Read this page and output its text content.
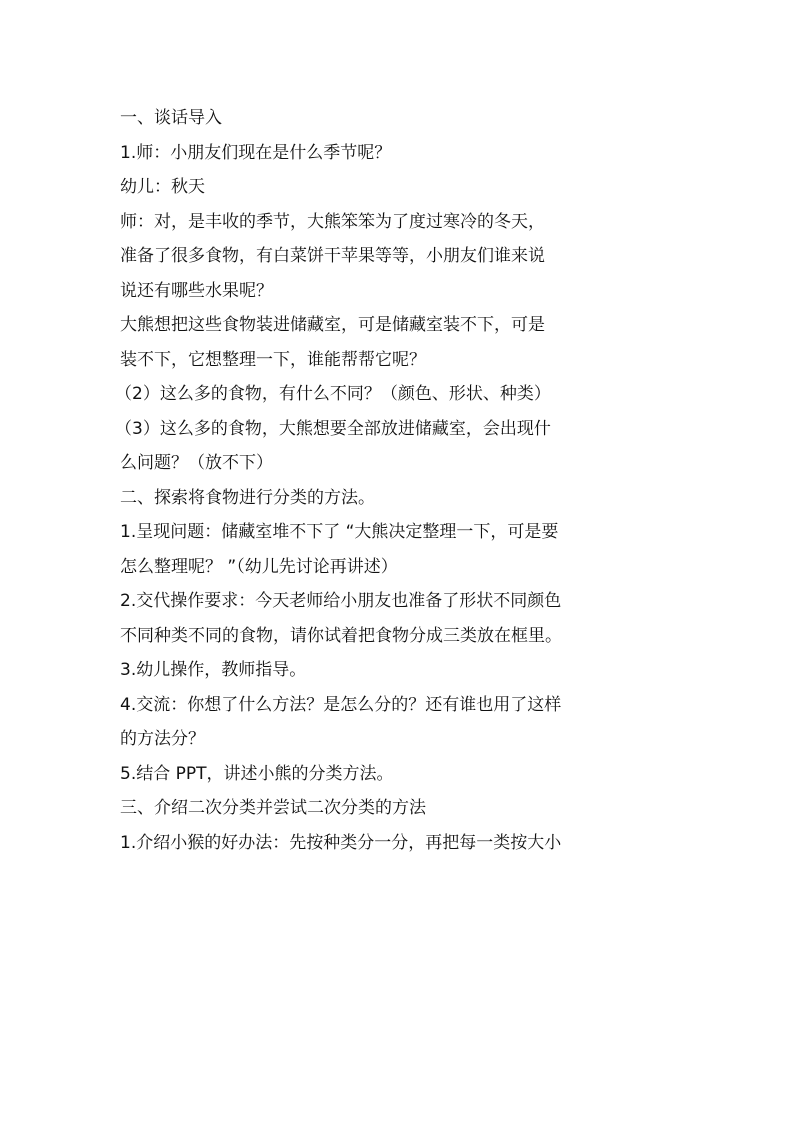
一、谈话导入

1.师：小朋友们现在是什么季节呢？

幼儿：秋天

师：对，是丰收的季节，大熊笨笨为了度过寒冷的冬天，

准备了很多食物，有白菜饼干苹果等等，小朋友们谁来说

说还有哪些水果呢？

大熊想把这些食物装进储藏室，可是储藏室装不下，可是

装不下，它想整理一下，谁能帮帮它呢？

（2）这么多的食物，有什么不同？（颜色、形状、种类）

（3）这么多的食物，大熊想要全部放进储藏室，会出现什

么问题？（放不下）

二、探索将食物进行分类的方法。

1.呈现问题：储藏室堆不下了 “大熊决定整理一下，可是要

怎么整理呢？ ”（幼儿先讨论再讲述）

2.交代操作要求：今天老师给小朋友也准备了形状不同颜色

不同种类不同的食物，请你试着把食物分成三类放在框里。

3.幼儿操作，教师指导。

4.交流：你想了什么方法？是怎么分的？还有谁也用了这样

的方法分？

5.结合 PPT，讲述小熊的分类方法。

三、介绍二次分类并尝试二次分类的方法

1.介绍小猴的好办法：先按种类分一分，再把每一类按大小
